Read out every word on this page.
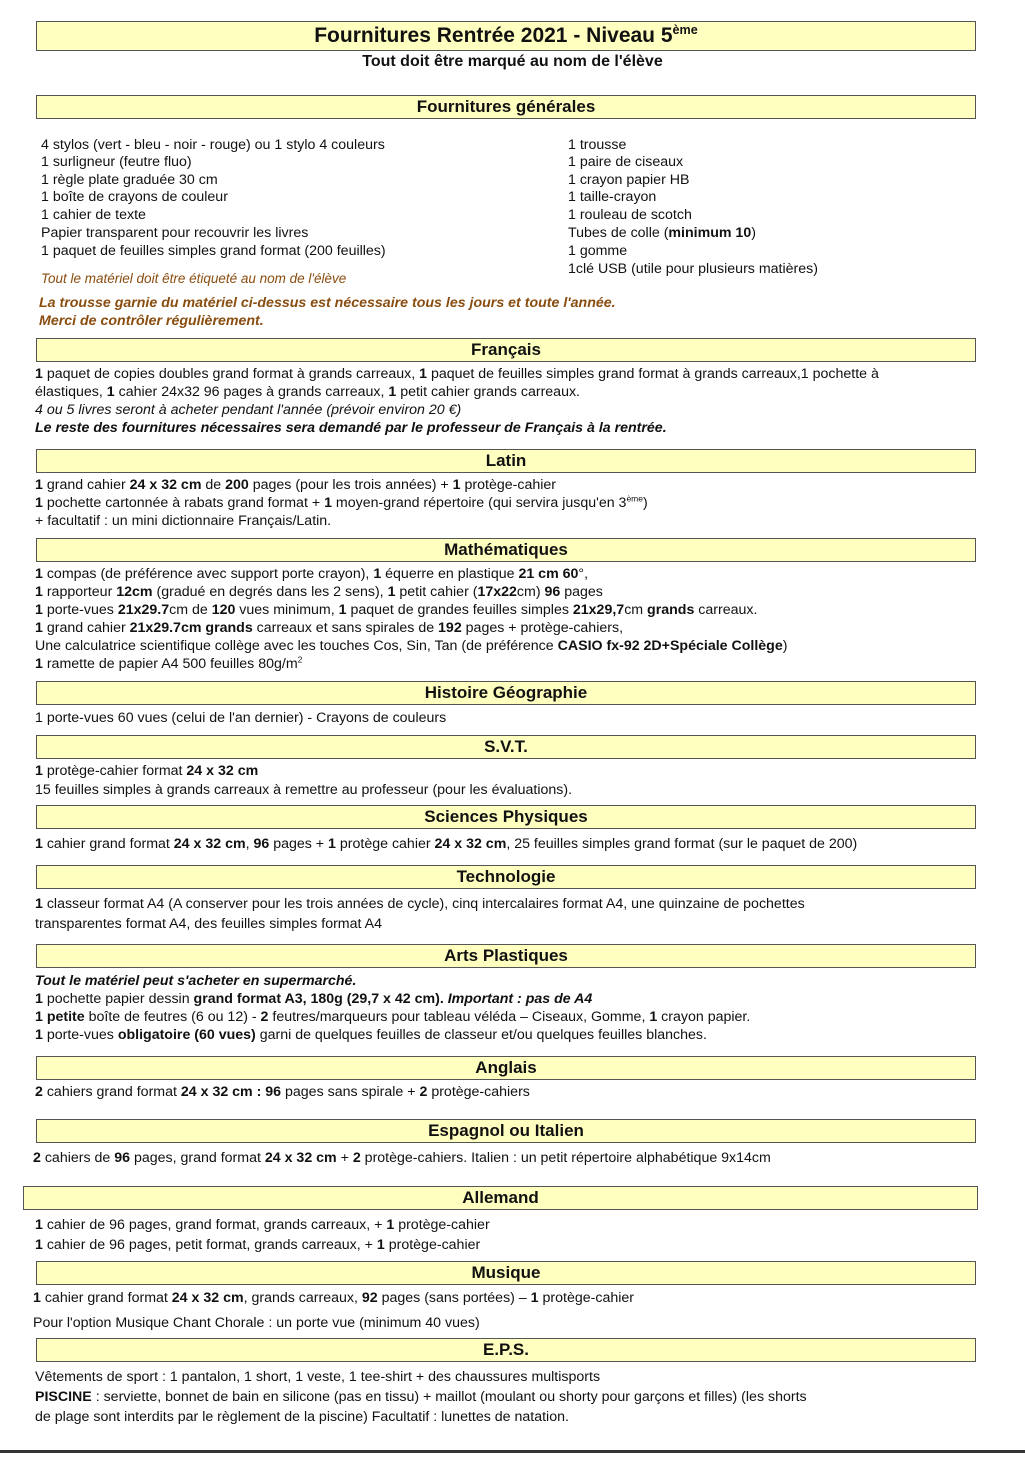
Fournitures Rentrée 2021 - Niveau 5ème
Tout doit être marqué au nom de l'élève
Fournitures générales
4 stylos (vert - bleu - noir - rouge) ou 1 stylo 4 couleurs
1 surligneur (feutre fluo)
1 règle plate graduée 30 cm
1 boîte de crayons de couleur
1 cahier de texte
Papier transparent pour recouvrir les livres
1 paquet de feuilles simples grand format (200 feuilles)
Tout le matériel doit être étiqueté au nom de l'élève
1 trousse
1 paire de ciseaux
1 crayon papier HB
1 taille-crayon
1 rouleau de scotch
Tubes de colle (minimum 10)
1 gomme
1clé USB (utile pour plusieurs matières)
La trousse garnie du matériel ci-dessus est nécessaire tous les jours et toute l'année.
Merci de contrôler régulièrement.
Français
1 paquet de copies doubles grand format à grands carreaux, 1 paquet de feuilles simples grand format à grands carreaux,1 pochette à
élastiques, 1 cahier 24x32 96 pages à grands carreaux, 1 petit cahier grands carreaux.
4 ou 5 livres seront à acheter pendant l'année (prévoir environ 20 €)
Le reste des fournitures nécessaires sera demandé par le professeur de Français à la rentrée.
Latin
1 grand cahier 24 x 32 cm de 200 pages (pour les trois années) + 1 protège-cahier
1 pochette cartonnée à rabats grand format + 1 moyen-grand répertoire (qui servira jusqu'en 3ème)
+ facultatif : un mini dictionnaire Français/Latin.
Mathématiques
1 compas (de préférence avec support porte crayon), 1 équerre en plastique 21 cm 60°,
1 rapporteur 12cm (gradué en degrés dans les 2 sens), 1 petit cahier (17x22cm) 96 pages
1 porte-vues 21x29.7cm de 120 vues minimum, 1 paquet de grandes feuilles simples 21x29,7cm grands carreaux.
1 grand cahier 21x29.7cm grands carreaux et sans spirales de 192 pages + protège-cahiers,
Une calculatrice scientifique collège avec les touches Cos, Sin, Tan (de préférence CASIO fx-92 2D+Spéciale Collège)
1 ramette de papier A4 500 feuilles $80g/m^2$
Histoire Géographie
1 porte-vues 60 vues (celui de l'an dernier) - Crayons de couleurs
S.V.T.
1 protège-cahier format 24 x 32 cm
15 feuilles simples à grands carreaux à remettre au professeur (pour les évaluations).
Sciences Physiques
1 cahier grand format 24 x 32 cm, 96 pages + 1 protège cahier 24 x 32 cm, 25 feuilles simples grand format (sur le paquet de 200)
Technologie
1 classeur format A4 (A conserver pour les trois années de cycle), cinq intercalaires format A4, une quinzaine de pochettes
transparentes format A4, des feuilles simples format A4
Arts Plastiques
Tout le matériel peut s'acheter en supermarché.
1 pochette papier dessin grand format A3, 180g (29,7 x 42 cm). Important : pas de A4
1 petite boîte de feutres (6 ou 12) - 2 feutres/marqueurs pour tableau véléda – Ciseaux, Gomme, 1 crayon papier.
1 porte-vues obligatoire (60 vues) garni de quelques feuilles de classeur et/ou quelques feuilles blanches.
Anglais
2 cahiers grand format 24 x 32 cm : 96 pages sans spirale + 2 protège-cahiers
Espagnol ou Italien
2 cahiers de 96 pages, grand format 24 x 32 cm + 2 protège-cahiers. Italien : un petit répertoire alphabétique 9x14cm
Allemand
1 cahier de 96 pages, grand format, grands carreaux, + 1 protège-cahier
1 cahier de 96 pages, petit format, grands carreaux, + 1 protège-cahier
Musique
1 cahier grand format 24 x 32 cm, grands carreaux, 92 pages (sans portées) – 1 protège-cahier
Pour l'option Musique Chant Chorale : un porte vue (minimum 40 vues)
E.P.S.
Vêtements de sport : 1 pantalon, 1 short, 1 veste, 1 tee-shirt + des chaussures multisports
PISCINE : serviette, bonnet de bain en silicone (pas en tissu) + maillot (moulant ou shorty pour garçons et filles) (les shorts
de plage sont interdits par le règlement de la piscine) Facultatif : lunettes de natation.
